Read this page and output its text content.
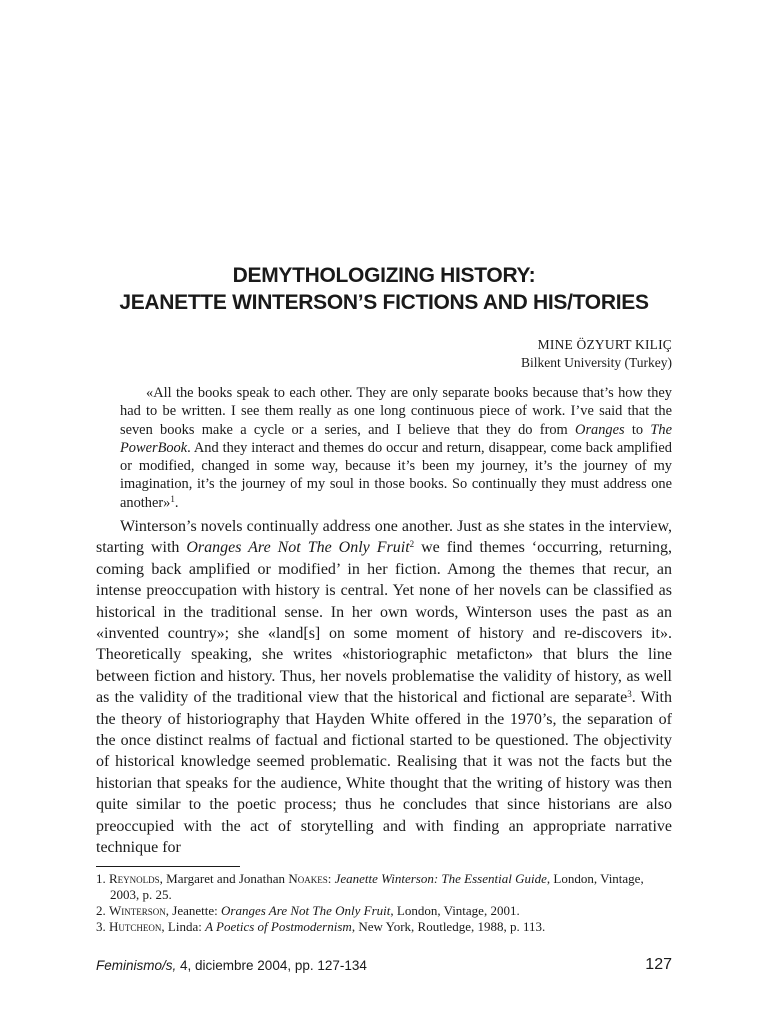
DEMYTHOLOGIZING HISTORY:
JEANETTE WINTERSON’S FICTIONS AND HIS/TORIES
MINE ÖZYURT KILIÇ
Bilkent University (Turkey)
«All the books speak to each other. They are only separate books because that’s how they had to be written. I see them really as one long continuous piece of work. I’ve said that the seven books make a cycle or a series, and I believe that they do from Oranges to The PowerBook. And they interact and themes do occur and return, disappear, come back amplified or modified, changed in some way, because it’s been my journey, it’s the journey of my imagination, it’s the journey of my soul in those books. So continually they must address one another»$^1$.
Winterson’s novels continually address one another. Just as she states in the interview, starting with Oranges Are Not The Only Fruit$^2$ we find themes ‘occurring, returning, coming back amplified or modified’ in her fiction. Among the themes that recur, an intense preoccupation with history is central. Yet none of her novels can be classified as historical in the traditional sense. In her own words, Winterson uses the past as an «invented country»; she «land[s] on some moment of history and re-discovers it». Theoretically speaking, she writes «historiographic metaficton» that blurs the line between fiction and history. Thus, her novels problematise the validity of history, as well as the validity of the traditional view that the historical and fictional are separate$^3$. With the theory of historiography that Hayden White offered in the 1970’s, the separation of the once distinct realms of factual and fictional started to be questioned. The objectivity of historical knowledge seemed problematic. Realising that it was not the facts but the historian that speaks for the audience, White thought that the writing of history was then quite similar to the poetic process; thus he concludes that since historians are also preoccupied with the act of storytelling and with finding an appropriate narrative technique for
1. Reynolds, Margaret and Jonathan Noakes: Jeanette Winterson: The Essential Guide, London, Vintage, 2003, p. 25.
2. Winterson, Jeanette: Oranges Are Not The Only Fruit, London, Vintage, 2001.
3. Hutcheon, Linda: A Poetics of Postmodernism, New York, Routledge, 1988, p. 113.
Feminismo/s, 4, diciembre 2004, pp. 127-134	127
